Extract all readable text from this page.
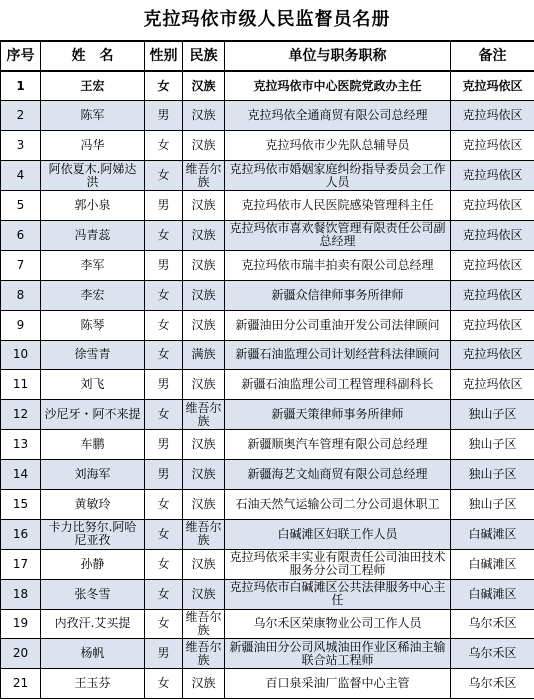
克拉玛依市级人民监督员名册
序号	姓　名	性别	民族	单位与职务职称	备注
1	王宏	女	汉族	克拉玛依市中心医院党政办主任	克拉玛依区
2	陈军	男	汉族	克拉玛依全通商贸有限公司总经理	克拉玛依区
3	冯华	女	汉族	克拉玛依市少先队总辅导员	克拉玛依区
4	阿依夏木.阿娣达洪	女	维吾尔族	克拉玛依市婚姻家庭纠纷指导委员会工作人员	克拉玛依区
5	郭小泉	男	汉族	克拉玛依市人民医院感染管理科主任	克拉玛依区
6	冯青蕊	女	汉族	克拉玛依市喜欢餐饮管理有限责任公司副总经理	克拉玛依区
7	李军	男	汉族	克拉玛依市瑞丰拍卖有限公司总经理	克拉玛依区
8	李宏	女	汉族	新疆众信律师事务所律师	克拉玛依区
9	陈琴	女	汉族	新疆油田分公司重油开发公司法律顾问	克拉玛依区
10	徐雪青	女	满族	新疆石油监理公司计划经营科法律顾问	克拉玛依区
11	刘飞	男	汉族	新疆石油监理公司工程管理科副科长	克拉玛依区
12	沙尼牙・阿不来提	女	维吾尔族	新疆天策律师事务所律师	独山子区
13	车鹏	男	汉族	新疆顺奥汽车管理有限公司总经理	独山子区
14	刘海军	男	汉族	新疆海艺文灿商贸有限公司总经理	独山子区
15	黄敏玲	女	汉族	石油天然气运输公司二分公司退休职工	独山子区
16	卡力比努尔.阿哈尼亚孜	女	维吾尔族	白碱滩区妇联工作人员	白碱滩区
17	孙静	女	汉族	克拉玛依采丰实业有限责任公司油田技术服务分公司工程师	白碱滩区
18	张冬雪	女	汉族	克拉玛依市白碱滩区公共法律服务中心主任	白碱滩区
19	内孜汗.艾买提	女	维吾尔族	乌尔禾区荣康物业公司工作人员	乌尔禾区
20	杨帆	男	维吾尔族	新疆油田分公司风城油田作业区稀油主输联合站工程师	乌尔禾区
21	王玉芬	女	汉族	百口泉采油厂监督中心主管	乌尔禾区
